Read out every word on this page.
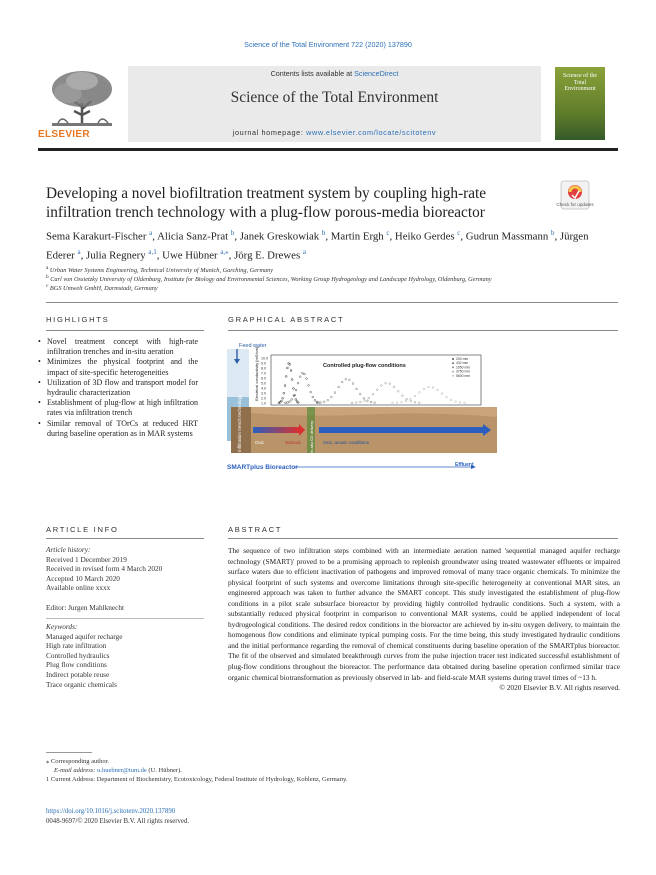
Science of the Total Environment 722 (2020) 137890
ELSEVIER
Contents lists available at ScienceDirect
Science of the Total Environment
journal homepage: www.elsevier.com/locate/scitotenv
Science of the Total Environment
Developing a novel biofiltration treatment system by coupling high-rate infiltration trench technology with a plug-flow porous-media bioreactor	Check for updates
Sema Karakurt-Fischer $^a$, Alicia Sanz-Prat $^b$, Janek Greskowiak $^b$, Martin Ergh $^c$, Heiko Gerdes $^c$, Gudrun Massmann $^b$, Jürgen Ederer $^a$, Julia Regnery $^{a,1}$, Uwe Hübner $^{a,⁎}$, Jörg E. Drewes $^a$
$^a$ Urban Water Systems Engineering, Technical University of Munich, Garching, Germany
$^b$ Carl von Ossietzky University of Oldenburg, Institute for Biology and Environmental Sciences, Working Group Hydrogeology and Landscape Hydrology, Oldenburg, Germany
$^c$ BGS Umwelt GmbH, Darmstadt, Germany
HIGHLIGHTS
• Novel treatment concept with high-rate infiltration trenches and in-situ aeration
• Minimizes the physical footprint and the impact of site-specific heterogeneities
• Utilization of 3D flow and transport model for hydraulic characterization
• Establishment of plug-flow at high infiltration rates via infiltration trench
• Similar removal of TOrCs at reduced HRT during baseline operation as in MAR systems
GRAPHICAL ABSTRACT
Feed water
Electrical conductivity [mS/cm] 10.0
9.0
8.0
7.0
6.0
5.0
4.0
3.0
2.0
1.0
Controlled plug-flow conditions
200 mm
432 mm
1950 mm
3750 mm
5600 mm
Infiltration trench technology	In-situ O2 delivery
Oxic	Suboxic	Oxic; anoxic conditions
SMARTplus Bioreactor	Effluent
ARTICLE INFO
Article history:
Received 1 December 2019
Received in revised form 4 March 2020
Accepted 10 March 2020
Available online xxxx
Editor: Jurgen Mahlknecht
Keywords:
Managed aquifer recharge
High rate infiltration
Controlled hydraulics
Plug flow conditions
Indirect potable reuse
Trace organic chemicals
ABSTRACT
The sequence of two infiltration steps combined with an intermediate aeration named 'sequential managed aquifer recharge technology (SMART)' proved to be a promising approach to replenish groundwater using treated wastewater effluents or impaired surface waters due to efficient inactivation of pathogens and improved removal of many trace organic chemicals. To minimize the physical footprint of such systems and overcome limitations through site-specific heterogeneity at conventional MAR sites, an engineered approach was taken to further advance the SMART concept. This study investigated the establishment of plug-flow conditions in a pilot scale subsurface bioreactor by providing highly controlled hydraulic conditions. Such a system, with a substantially reduced physical footprint in comparison to conventional MAR systems, could be applied independent of local hydrogeological conditions. The desired redox conditions in the bioreactor are achieved by in-situ oxygen delivery, to maintain the homogenous flow conditions and eliminate typical pumping costs. For the time being, this study investigated hydraulic conditions and the initial performance regarding the removal of chemical constituents during baseline operation of the SMARTplus bioreactor. The fit of the observed and simulated breakthrough curves from the pulse injection tracer test indicated successful establishment of plug-flow conditions throughout the bioreactor. The performance data obtained during baseline operation confirmed similar trace organic chemical biotransformation as previously observed in lab- and field-scale MAR systems during travel times of ~13 h.
© 2020 Elsevier B.V. All rights reserved.
⁎ Corresponding author.
E-mail address: u.huebner@tum.de (U. Hübner).
1 Current Address: Department of Biochemistry, Ecotoxicology, Federal Institute of Hydrology, Koblenz, Germany.
https://doi.org/10.1016/j.scitotenv.2020.137890
0048-9697/© 2020 Elsevier B.V. All rights reserved.
